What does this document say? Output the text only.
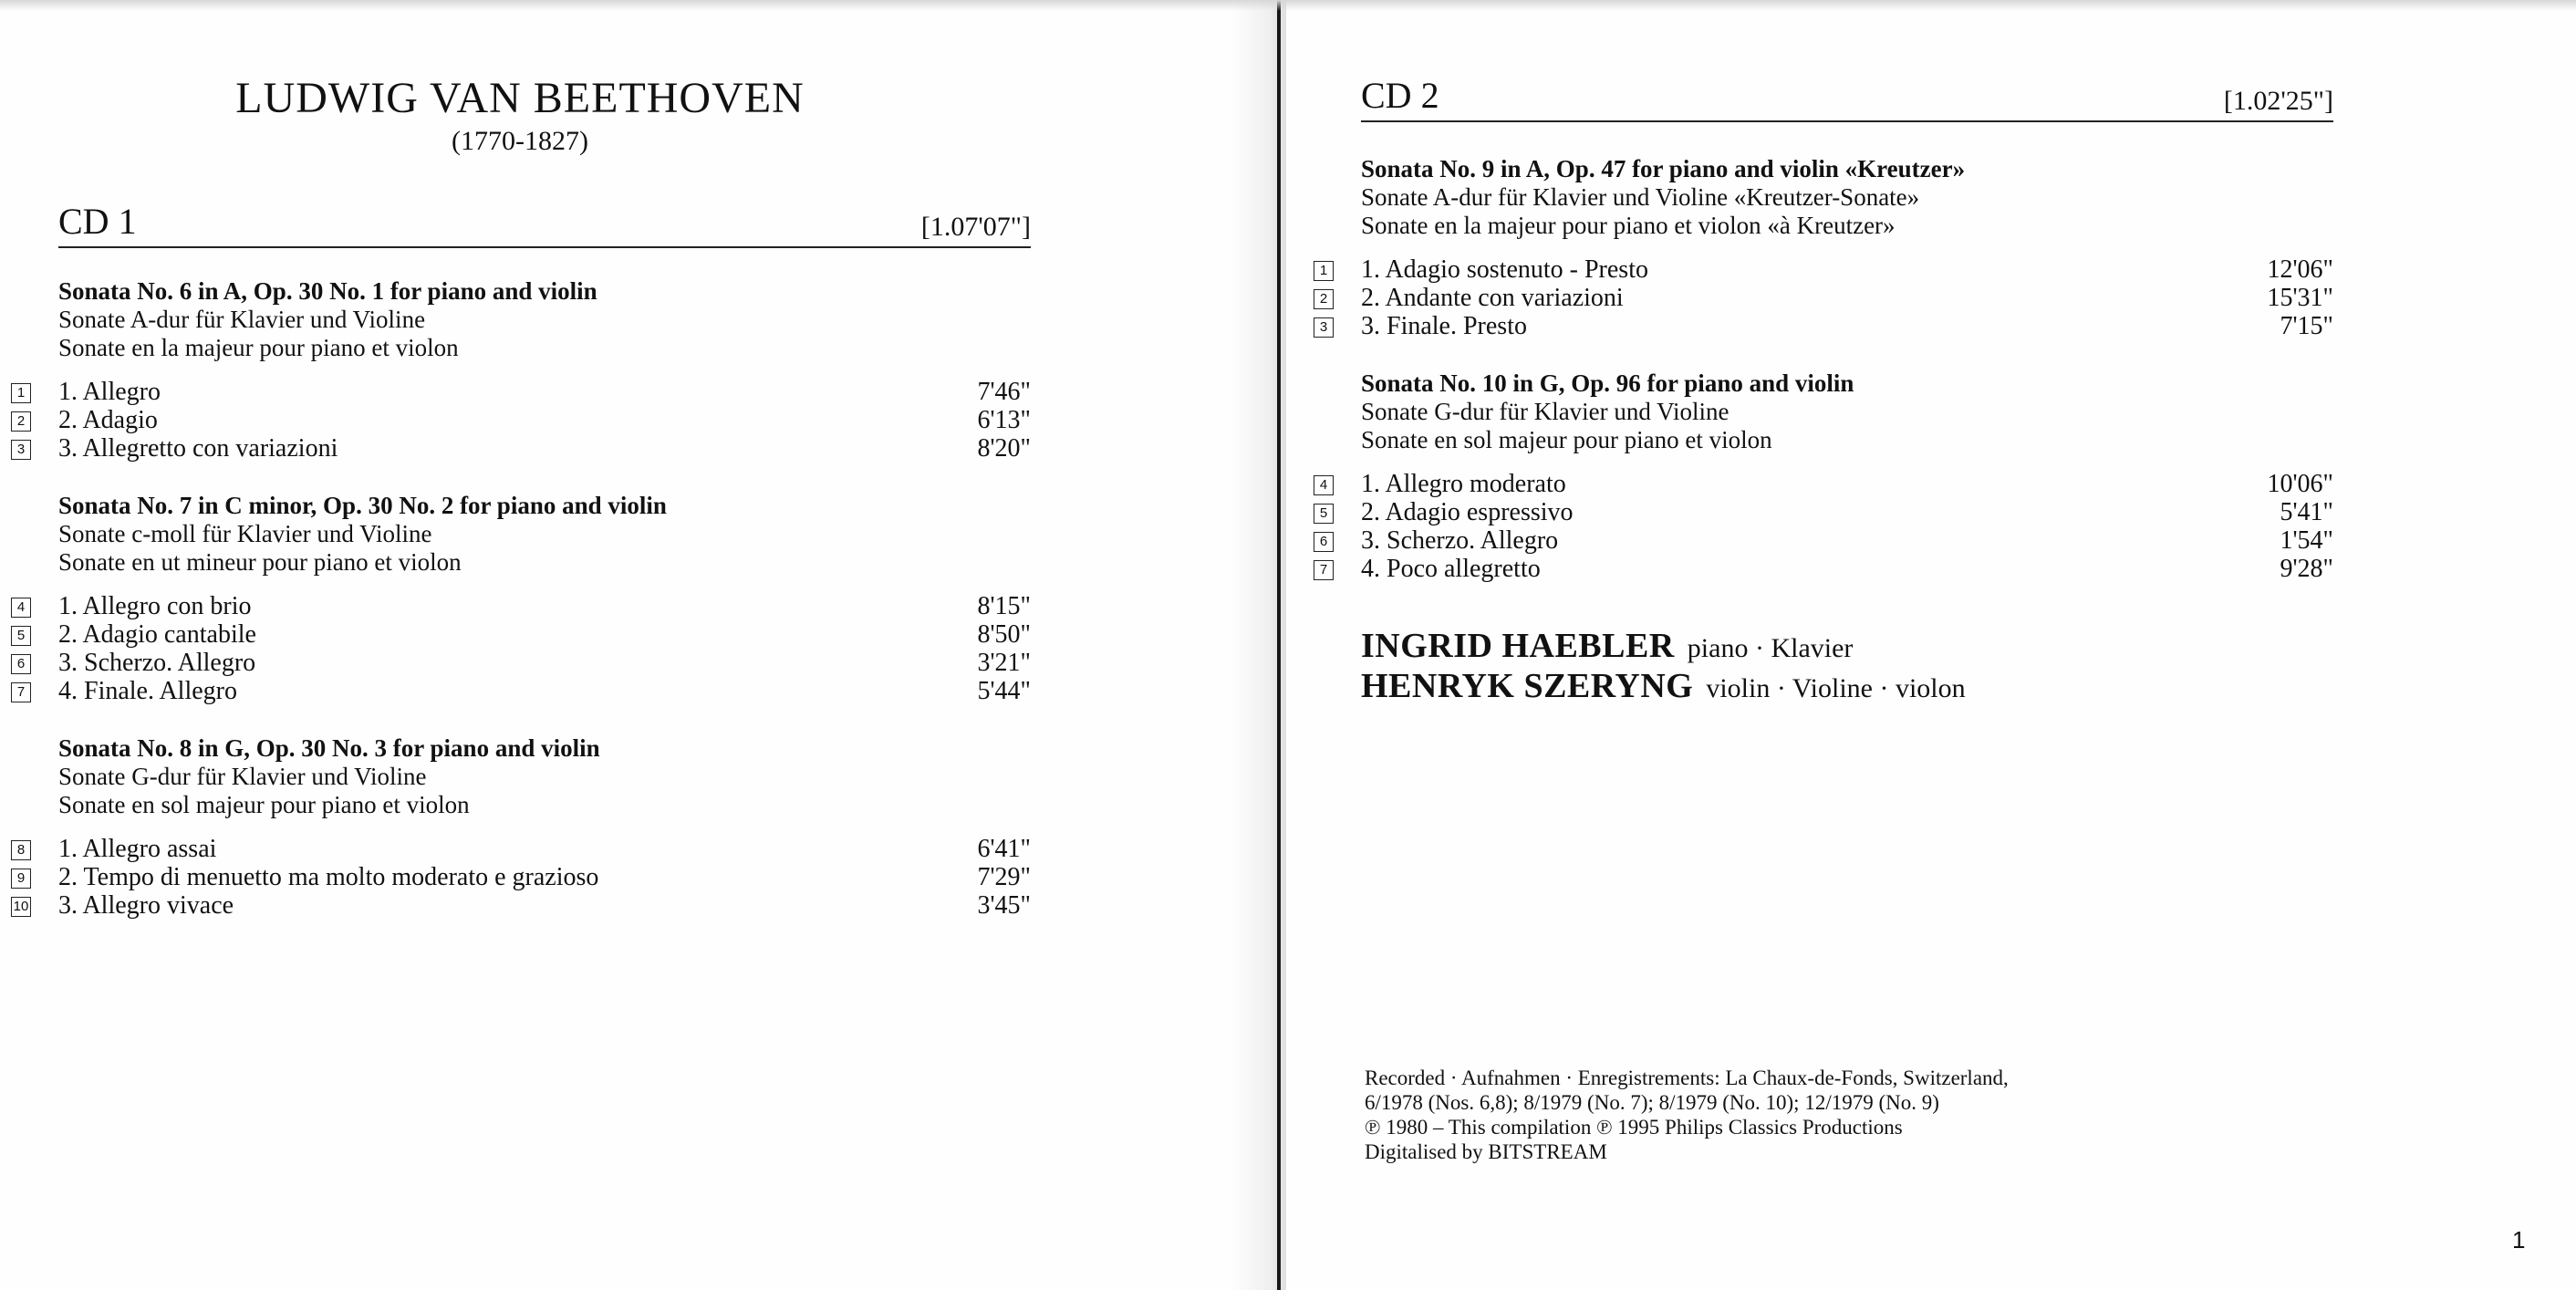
LUDWIG VAN BEETHOVEN
(1770-1827)
CD 1	[1.07'07"]
Sonata No. 6 in A, Op. 30 No. 1 for piano and violin
Sonate A-dur für Klavier und Violine
Sonate en la majeur pour piano et violon
1 1. Allegro	7'46"
2 2. Adagio	6'13"
3 3. Allegretto con variazioni	8'20"
Sonata No. 7 in C minor, Op. 30 No. 2 for piano and violin
Sonate c-moll für Klavier und Violine
Sonate en ut mineur pour piano et violon
4 1. Allegro con brio	8'15"
5 2. Adagio cantabile	8'50"
6 3. Scherzo. Allegro	3'21"
7 4. Finale. Allegro	5'44"
Sonata No. 8 in G, Op. 30 No. 3 for piano and violin
Sonate G-dur für Klavier und Violine
Sonate en sol majeur pour piano et violon
8 1. Allegro assai	6'41"
9 2. Tempo di menuetto ma molto moderato e grazioso	7'29"
10 3. Allegro vivace	3'45"
CD 2	[1.02'25"]
Sonata No. 9 in A, Op. 47 for piano and violin «Kreutzer»
Sonate A-dur für Klavier und Violine «Kreutzer-Sonate»
Sonate en la majeur pour piano et violon «à Kreutzer»
1 1. Adagio sostenuto - Presto	12'06"
2 2. Andante con variazioni	15'31"
3 3. Finale. Presto	7'15"
Sonata No. 10 in G, Op. 96 for piano and violin
Sonate G-dur für Klavier und Violine
Sonate en sol majeur pour piano et violon
4 1. Allegro moderato	10'06"
5 2. Adagio espressivo	5'41"
6 3. Scherzo. Allegro	1'54"
7 4. Poco allegretto	9'28"
INGRID HAEBLER piano · Klavier
HENRYK SZERYNG violin · Violine · violon
Recorded · Aufnahmen · Enregistrements: La Chaux-de-Fonds, Switzerland,
6/1978 (Nos. 6,8); 8/1979 (No. 7); 8/1979 (No. 10); 12/1979 (No. 9)
℗ 1980 – This compilation ℗ 1995 Philips Classics Productions
Digitalised by BITSTREAM
1
